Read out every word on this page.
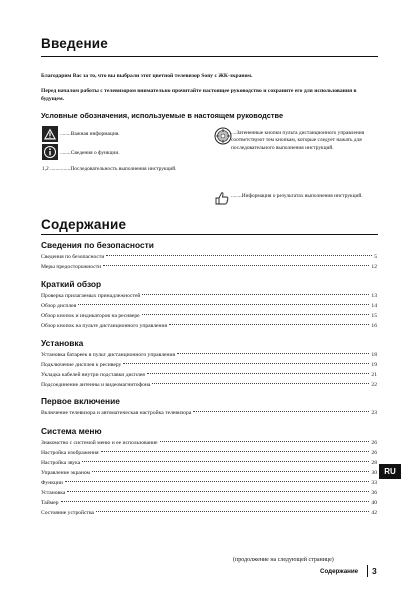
Введение
Благодарим Вас за то, что вы выбрали этот цветной телевизор Sony с ЖК-экраном.
Перед началом работы с телевизором внимательно прочитайте настоящее руководство и сохраните его для использования в будущем.
Условные обозначения, используемые в настоящем руководстве
........Важная информация.
........Сведения о функции.
1,2 ...............Последовательность выполнения инструкций.
....Затененные кнопки пульта дистанционного управления соответствуют тем кнопкам, которые следует нажать для последовательного выполнения инструкций.
........Информация о результатах выполнения инструкций.
Содержание
Сведения по безопасности
Сведения по безопасности	5
Меры предосторожности	12
Краткий обзор
Проверка прилагаемых принадлежностей	13
Обзор дисплея	14
Обзор кнопок и индикаторов на ресивере	15
Обзор кнопок на пульте дистанционного управления	16
Установка
Установка батареек в пульт дистанционного управления	18
Подключение дисплея к ресиверу	19
Укладка кабелей внутри подставки дисплея	21
Подсоединение антенны и видеомагнитофона	22
Первое включение
Включение телевизора и автоматическая настройка телевизора	23
Система меню
Знакомство с системой меню и ее использование	26
Настройка изображения	26
Настройка звука	28
Управление экраном	30
Функции	33
Установка	36
Таймер	40
Состояние устройства	42
RU
(продолжение на следующей странице)
Содержание 3
